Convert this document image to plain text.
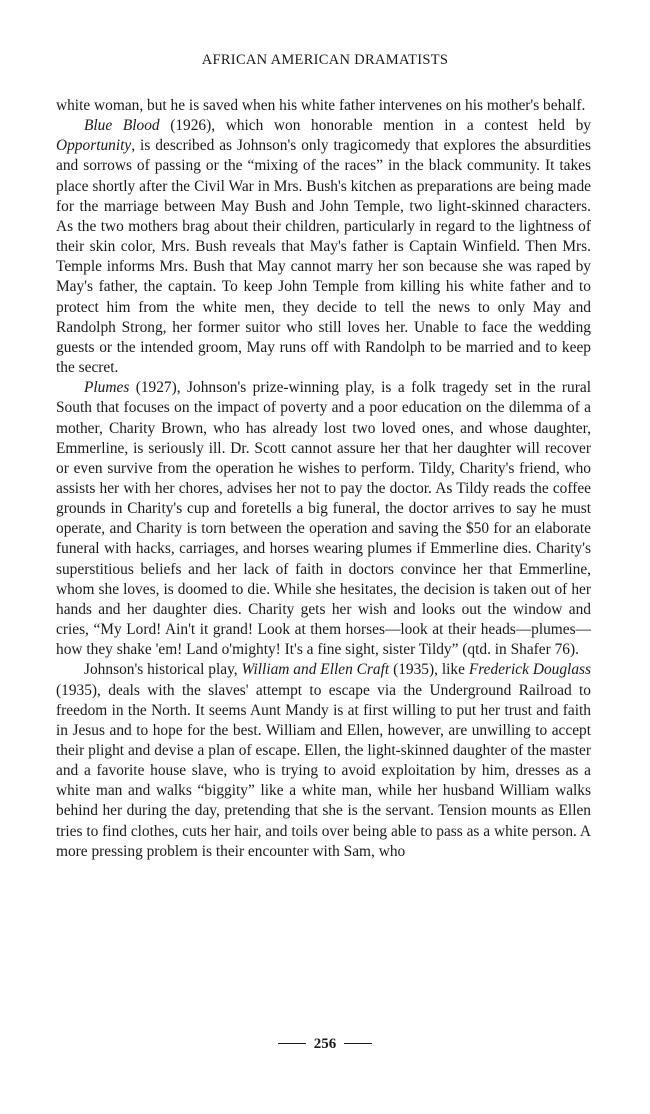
AFRICAN AMERICAN DRAMATISTS

white woman, but he is saved when his white father intervenes on his mother's behalf.

Blue Blood (1926), which won honorable mention in a contest held by Opportunity, is described as Johnson's only tragicomedy that explores the absurdities and sorrows of passing or the “mixing of the races” in the black community. It takes place shortly after the Civil War in Mrs. Bush's kitchen as preparations are being made for the marriage between May Bush and John Temple, two light-skinned characters. As the two mothers brag about their children, particularly in regard to the lightness of their skin color, Mrs. Bush reveals that May's father is Captain Winfield. Then Mrs. Temple informs Mrs. Bush that May cannot marry her son because she was raped by May's father, the captain. To keep John Temple from killing his white father and to protect him from the white men, they decide to tell the news to only May and Randolph Strong, her former suitor who still loves her. Unable to face the wedding guests or the intended groom, May runs off with Randolph to be married and to keep the secret.

Plumes (1927), Johnson's prize-winning play, is a folk tragedy set in the rural South that focuses on the impact of poverty and a poor education on the dilemma of a mother, Charity Brown, who has already lost two loved ones, and whose daughter, Emmerline, is seriously ill. Dr. Scott cannot assure her that her daughter will recover or even survive from the operation he wishes to perform. Tildy, Charity's friend, who assists her with her chores, advises her not to pay the doctor. As Tildy reads the coffee grounds in Charity's cup and foretells a big funeral, the doctor arrives to say he must operate, and Charity is torn between the operation and saving the $50 for an elaborate funeral with hacks, carriages, and horses wearing plumes if Emmerline dies. Charity's superstitious beliefs and her lack of faith in doctors convince her that Emmerline, whom she loves, is doomed to die. While she hesitates, the decision is taken out of her hands and her daughter dies. Charity gets her wish and looks out the window and cries, “My Lord! Ain't it grand! Look at them horses—look at their heads—plumes—how they shake 'em! Land o'mighty! It's a fine sight, sister Tildy” (qtd. in Shafer 76).

Johnson's historical play, William and Ellen Craft (1935), like Frederick Douglass (1935), deals with the slaves' attempt to escape via the Underground Railroad to freedom in the North. It seems Aunt Mandy is at first willing to put her trust and faith in Jesus and to hope for the best. William and Ellen, however, are unwilling to accept their plight and devise a plan of escape. Ellen, the light-skinned daughter of the master and a favorite house slave, who is trying to avoid exploitation by him, dresses as a white man and walks “biggity” like a white man, while her husband William walks behind her during the day, pretending that she is the servant. Tension mounts as Ellen tries to find clothes, cuts her hair, and toils over being able to pass as a white person. A more pressing problem is their encounter with Sam, who

256
